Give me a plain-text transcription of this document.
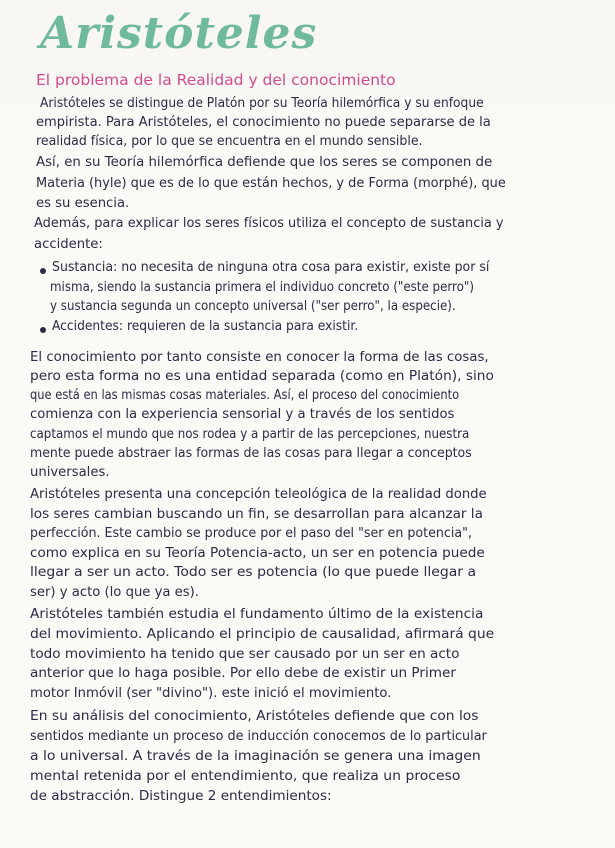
Aristóteles
El problema de la Realidad y del conocimiento
Aristóteles se distingue de Platón por su Teoría hilemórfica y su enfoque
empirista. Para Aristóteles, el conocimiento no puede separarse de la
realidad física, por lo que se encuentra en el mundo sensible.
Así, en su Teoría hilemórfica defiende que los seres se componen de
Materia (hyle) que es de lo que están hechos, y de Forma (morphé), que
es su esencia.
Además, para explicar los seres físicos utiliza el concepto de sustancia y
accidente:
Sustancia: no necesita de ninguna otra cosa para existir, existe por sí
misma, siendo la sustancia primera el individuo concreto ("este perro")
y sustancia segunda un concepto universal ("ser perro", la especie).
Accidentes: requieren de la sustancia para existir.
El conocimiento por tanto consiste en conocer la forma de las cosas,
pero esta forma no es una entidad separada (como en Platón), sino
que está en las mismas cosas materiales. Así, el proceso del conocimiento
comienza con la experiencia sensorial y a través de los sentidos
captamos el mundo que nos rodea y a partir de las percepciones, nuestra
mente puede abstraer las formas de las cosas para llegar a conceptos
universales.
Aristóteles presenta una concepción teleológica de la realidad donde
los seres cambian buscando un fin, se desarrollan para alcanzar la
perfección. Este cambio se produce por el paso del "ser en potencia",
como explica en su Teoría Potencia-acto, un ser en potencia puede
llegar a ser un acto. Todo ser es potencia (lo que puede llegar a
ser) y acto (lo que ya es).
Aristóteles también estudia el fundamento último de la existencia
del movimiento. Aplicando el principio de causalidad, afirmará que
todo movimiento ha tenido que ser causado por un ser en acto
anterior que lo haga posible. Por ello debe de existir un Primer
motor Inmóvil (ser "divino"). este inició el movimiento.
En su análisis del conocimiento, Aristóteles defiende que con los
sentidos mediante un proceso de inducción conocemos de lo particular
a lo universal. A través de la imaginación se genera una imagen
mental retenida por el entendimiento, que realiza un proceso
de abstracción. Distingue 2 entendimientos:
